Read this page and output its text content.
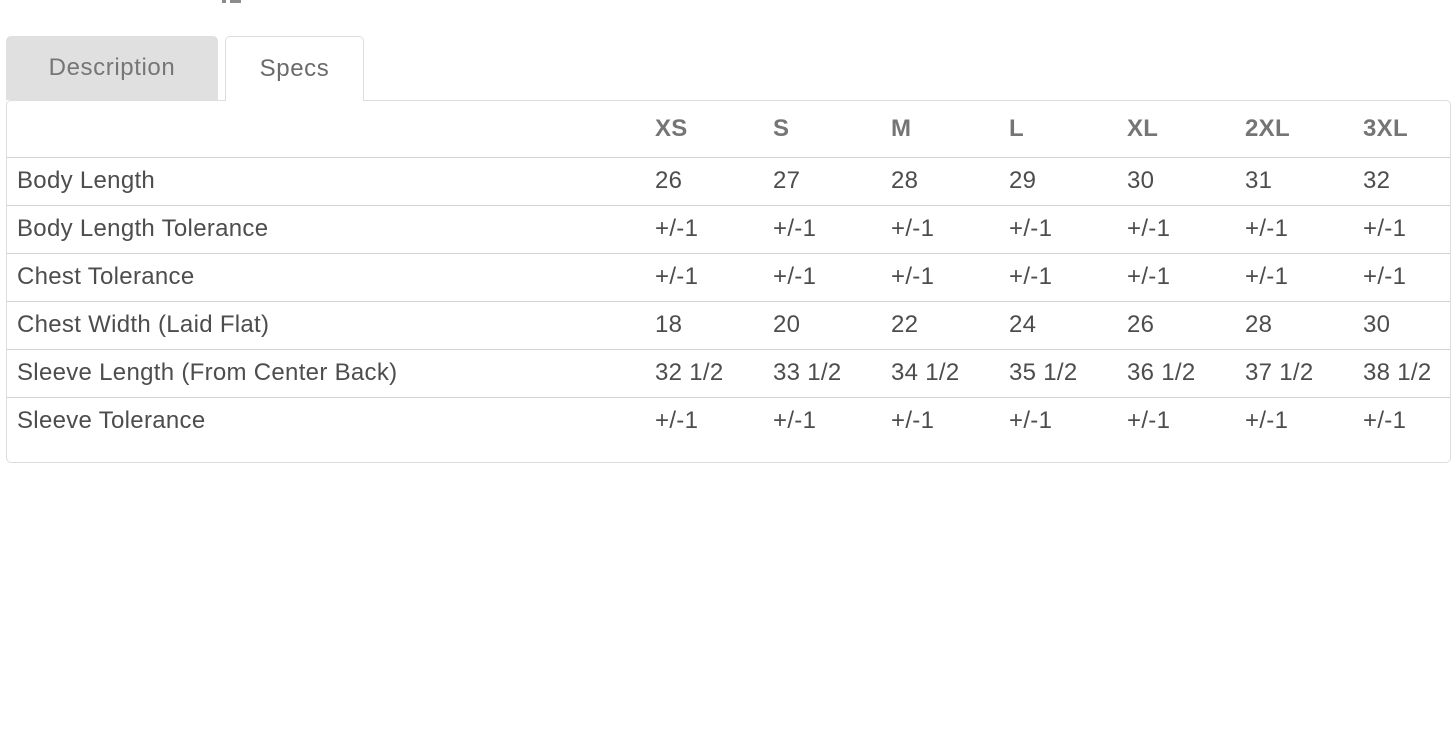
Description	Specs
	XS	S	M	L	XL	2XL	3XL
Body Length	26	27	28	29	30	31	32
Body Length Tolerance	+/-1	+/-1	+/-1	+/-1	+/-1	+/-1	+/-1
Chest Tolerance	+/-1	+/-1	+/-1	+/-1	+/-1	+/-1	+/-1
Chest Width (Laid Flat)	18	20	22	24	26	28	30
Sleeve Length (From Center Back)	32 1/2	33 1/2	34 1/2	35 1/2	36 1/2	37 1/2	38 1/2
Sleeve Tolerance	+/-1	+/-1	+/-1	+/-1	+/-1	+/-1	+/-1
